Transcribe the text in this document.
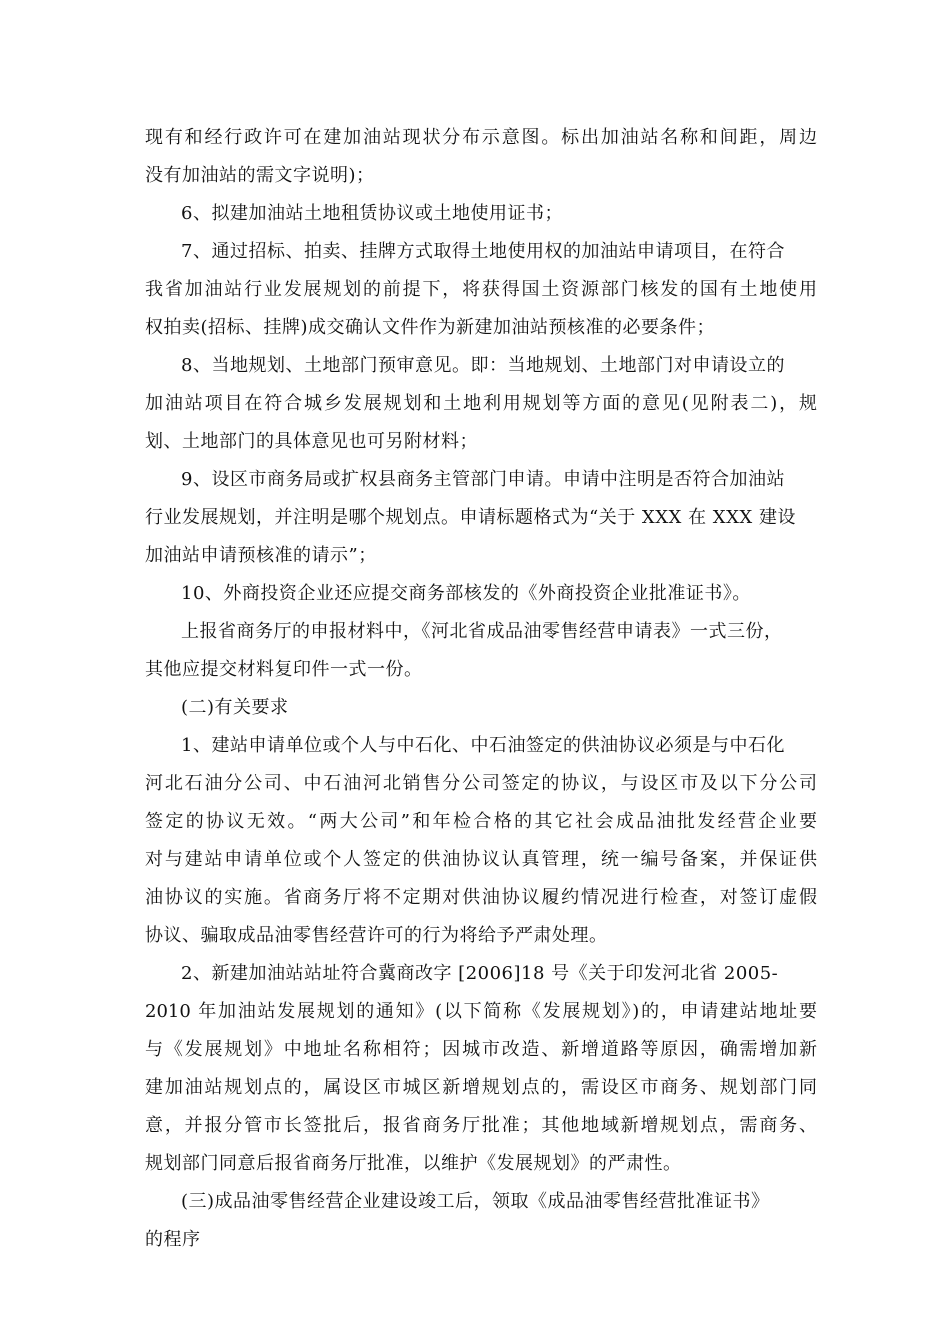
现有和经行政许可在建加油站现状分布示意图。标出加油站名称和间距，周边
没有加油站的需文字说明)；
6、拟建加油站土地租赁协议或土地使用证书；
7、通过招标、拍卖、挂牌方式取得土地使用权的加油站申请项目，在符合
我省加油站行业发展规划的前提下，将获得国土资源部门核发的国有土地使用
权拍卖(招标、挂牌)成交确认文件作为新建加油站预核准的必要条件；
8、当地规划、土地部门预审意见。即：当地规划、土地部门对申请设立的
加油站项目在符合城乡发展规划和土地利用规划等方面的意见(见附表二)，规
划、土地部门的具体意见也可另附材料；
9、设区市商务局或扩权县商务主管部门申请。申请中注明是否符合加油站
行业发展规划，并注明是哪个规划点。申请标题格式为“关于 XXX 在 XXX 建设
加油站申请预核准的请示”；
10、外商投资企业还应提交商务部核发的《外商投资企业批准证书》。
上报省商务厅的申报材料中，《河北省成品油零售经营申请表》一式三份，
其他应提交材料复印件一式一份。
(二)有关要求
1、建站申请单位或个人与中石化、中石油签定的供油协议必须是与中石化
河北石油分公司、中石油河北销售分公司签定的协议，与设区市及以下分公司
签定的协议无效。“两大公司”和年检合格的其它社会成品油批发经营企业要
对与建站申请单位或个人签定的供油协议认真管理，统一编号备案，并保证供
油协议的实施。省商务厅将不定期对供油协议履约情况进行检查，对签订虚假
协议、骗取成品油零售经营许可的行为将给予严肃处理。
2、新建加油站站址符合冀商改字 [2006]18 号《关于印发河北省 2005-
2010 年加油站发展规划的通知》(以下简称《发展规划》)的，申请建站地址要
与《发展规划》中地址名称相符；因城市改造、新增道路等原因，确需增加新
建加油站规划点的，属设区市城区新增规划点的，需设区市商务、规划部门同
意，并报分管市长签批后，报省商务厅批准；其他地域新增规划点，需商务、
规划部门同意后报省商务厅批准，以维护《发展规划》的严肃性。
(三)成品油零售经营企业建设竣工后，领取《成品油零售经营批准证书》
的程序
